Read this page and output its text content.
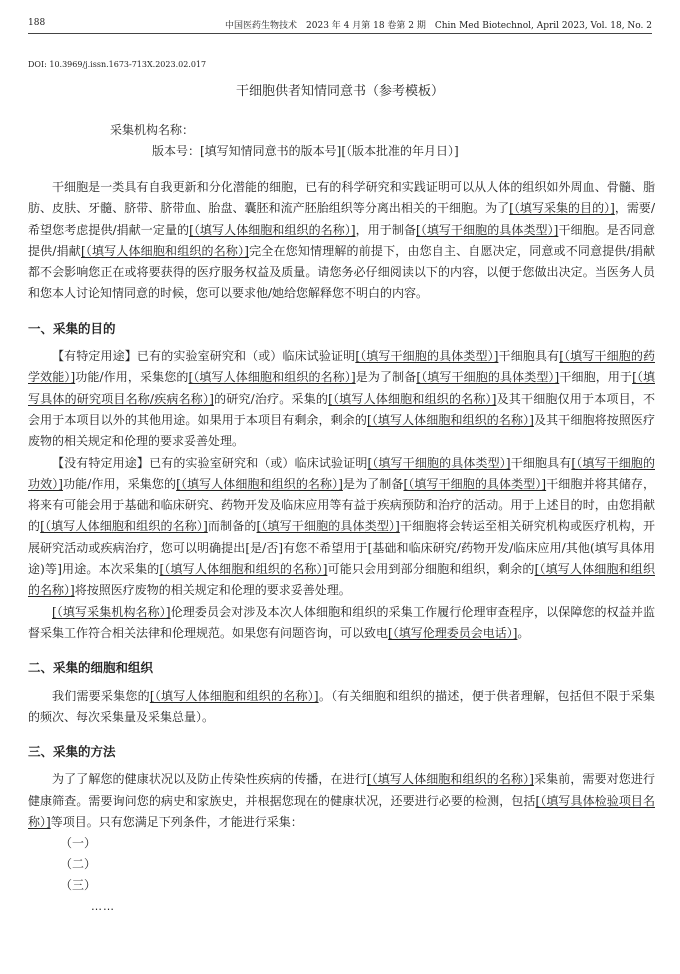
188	中国医药生物技术　2023 年 4 月第 18 卷第 2 期　Chin Med Biotechnol, April 2023, Vol. 18, No. 2
DOI: 10.3969/j.issn.1673-713X.2023.02.017
干细胞供者知情同意书（参考模板）
采集机构名称：
版本号：[填写知情同意书的版本号][（版本批准的年月日）]

干细胞是一类具有自我更新和分化潜能的细胞，已有的科学研究和实践证明可以从人体的组织如外周血、骨髓、脂肪、皮肤、牙髓、脐带、脐带血、胎盘、囊胚和流产胚胎组织等分离出相关的干细胞。为了[（填写采集的目的）]，需要/希望您考虑提供/捐献一定量的[（填写人体细胞和组织的名称）]，用于制备[（填写干细胞的具体类型）]干细胞。是否同意提供/捐献[（填写人体细胞和组织的名称）]完全在您知情理解的前提下，由您自主、自愿决定，同意或不同意提供/捐献都不会影响您正在或将要获得的医疗服务权益及质量。请您务必仔细阅读以下的内容，以便于您做出决定。当医务人员和您本人讨论知情同意的时候，您可以要求他/她给您解释您不明白的内容。

一、采集的目的

【有特定用途】已有的实验室研究和（或）临床试验证明[（填写干细胞的具体类型）]干细胞具有[（填写干细胞的药学效能）]功能/作用，采集您的[（填写人体细胞和组织的名称）]是为了制备[（填写干细胞的具体类型）]干细胞，用于[（填写具体的研究项目名称/疾病名称）]的研究/治疗。采集的[（填写人体细胞和组织的名称）]及其干细胞仅用于本项目，不会用于本项目以外的其他用途。如果用于本项目有剩余，剩余的[（填写人体细胞和组织的名称）]及其干细胞将按照医疗废物的相关规定和伦理的要求妥善处理。

【没有特定用途】已有的实验室研究和（或）临床试验证明[（填写干细胞的具体类型）]干细胞具有[（填写干细胞的功效）]功能/作用，采集您的[（填写人体细胞和组织的名称）]是为了制备[（填写干细胞的具体类型）]干细胞并将其储存，将来有可能会用于基础和临床研究、药物开发及临床应用等有益于疾病预防和治疗的活动。用于上述目的时，由您捐献的[（填写人体细胞和组织的名称）]而制备的[（填写干细胞的具体类型）]干细胞将会转运至相关研究机构或医疗机构，开展研究活动或疾病治疗，您可以明确提出[是/否]有您不希望用于[基础和临床研究/药物开发/临床应用/其他(填写具体用途)等]用途。本次采集的[（填写人体细胞和组织的名称）]可能只会用到部分细胞和组织，剩余的[（填写人体细胞和组织的名称）]将按照医疗废物的相关规定和伦理的要求妥善处理。

[（填写采集机构名称）]伦理委员会对涉及本次人体细胞和组织的采集工作履行伦理审查程序，以保障您的权益并监督采集工作符合相关法律和伦理规范。如果您有问题咨询，可以致电[（填写伦理委员会电话）]。

二、采集的细胞和组织

我们需要采集您的[（填写人体细胞和组织的名称）]。（有关细胞和组织的描述，便于供者理解，包括但不限于采集的频次、每次采集量及采集总量）。

三、采集的方法

为了了解您的健康状况以及防止传染性疾病的传播，在进行[（填写人体细胞和组织的名称）]采集前，需要对您进行健康筛查。需要询问您的病史和家族史，并根据您现在的健康状况，还要进行必要的检测，包括[（填写具体检验项目名称）]等项目。只有您满足下列条件，才能进行采集：

（一）
（二）
（三）
……
